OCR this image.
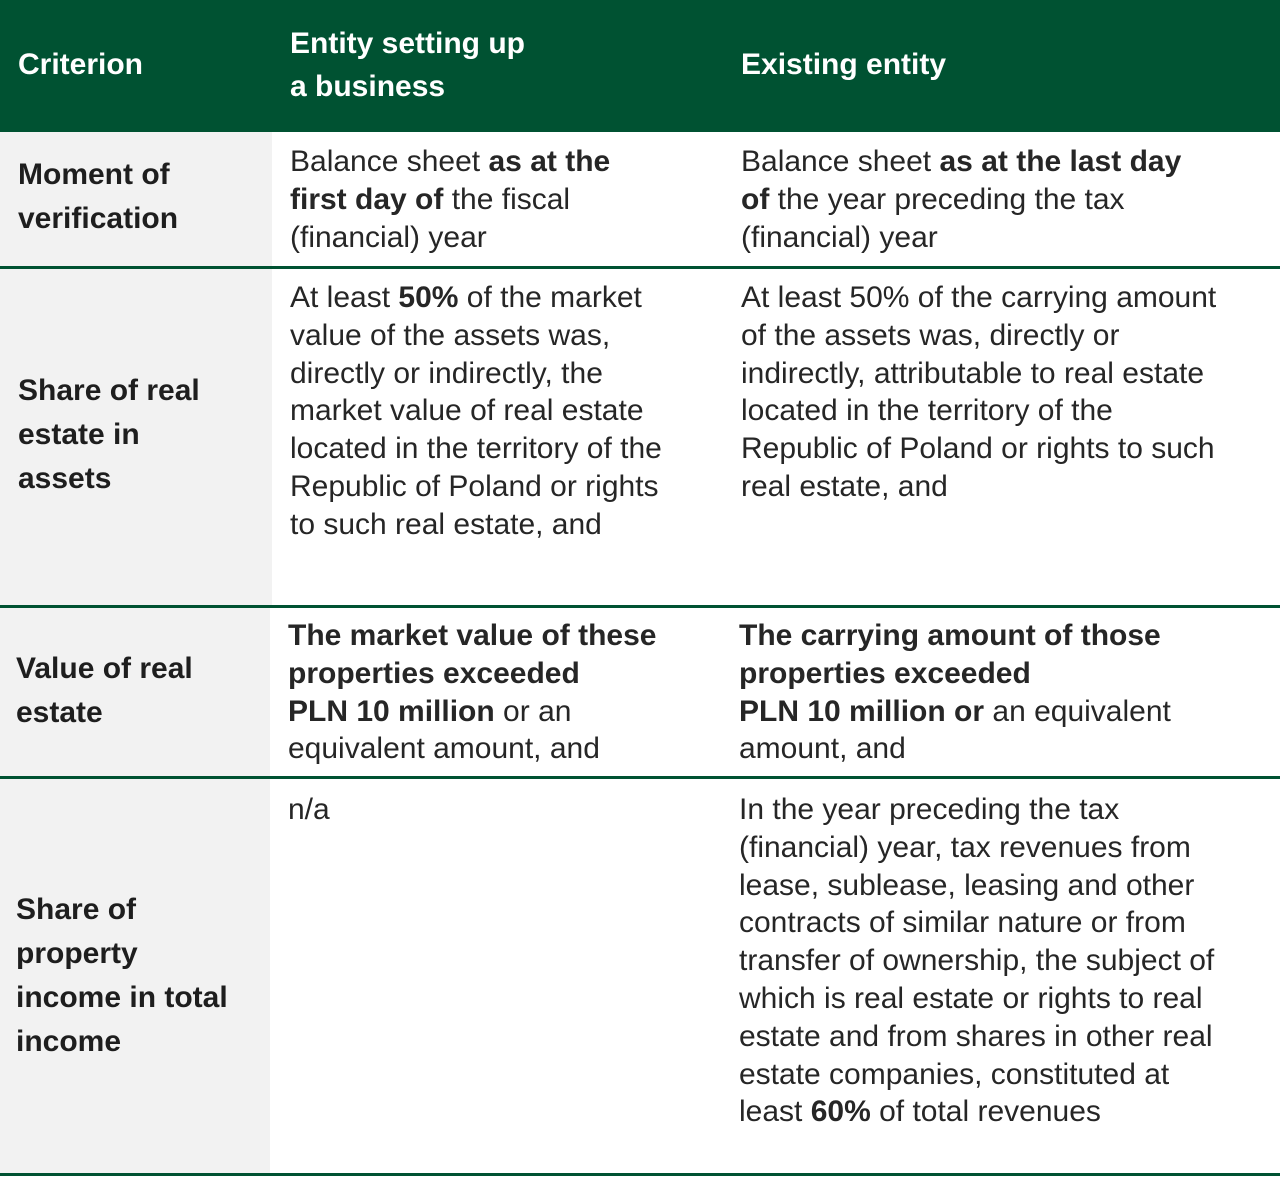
Criterion
Entity setting up
a business
Existing entity
Moment of
verification
Balance sheet as at the
first day of the fiscal
(financial) year
Balance sheet as at the last day
of the year preceding the tax
(financial) year
Share of real
estate in
assets
At least 50% of the market
value of the assets was,
directly or indirectly, the
market value of real estate
located in the territory of the
Republic of Poland or rights
to such real estate, and
At least 50% of the carrying amount
of the assets was, directly or
indirectly, attributable to real estate
located in the territory of the
Republic of Poland or rights to such
real estate, and
Value of real
estate
The market value of these
properties exceeded
PLN 10 million or an
equivalent amount, and
The carrying amount of those
properties exceeded
PLN 10 million or an equivalent
amount, and
Share of
property
income in total
income
n/a	In the year preceding the tax
(financial) year, tax revenues from
lease, sublease, leasing and other
contracts of similar nature or from
transfer of ownership, the subject of
which is real estate or rights to real
estate and from shares in other real
estate companies, constituted at
least 60% of total revenues
